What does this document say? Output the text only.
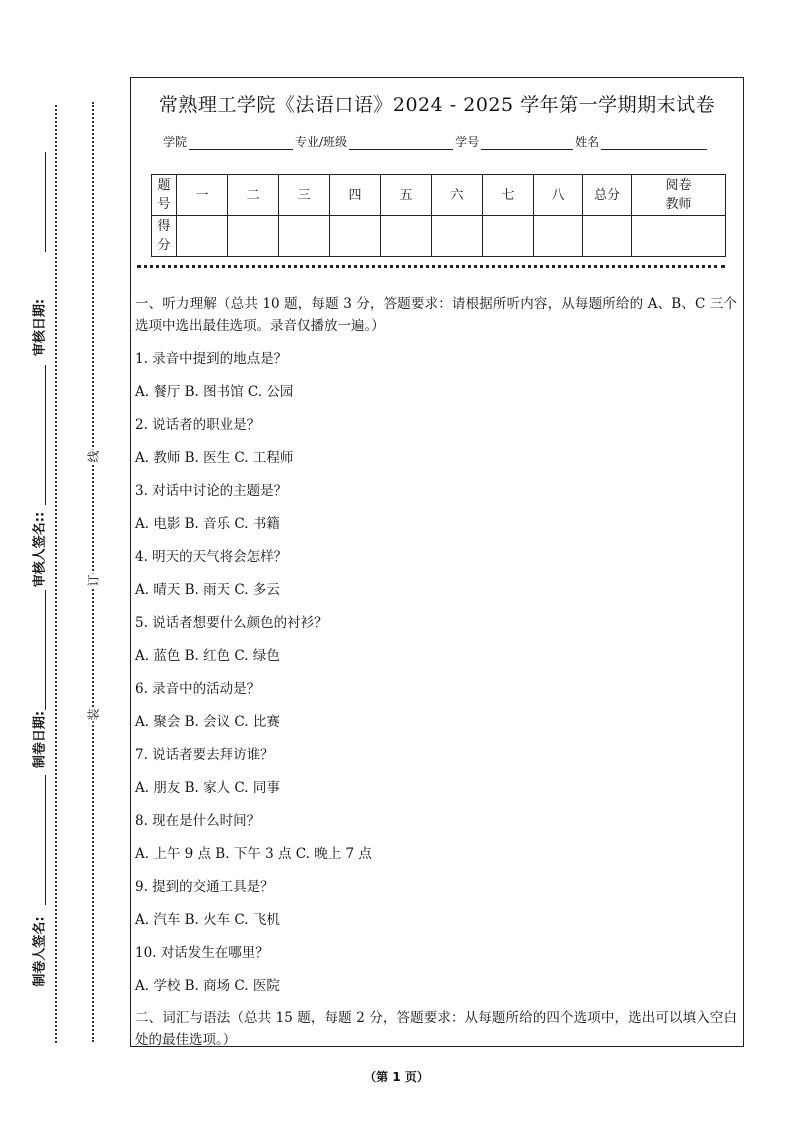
审核日期:
审核人签名::
制卷日期:
制卷人签名:
线
订
装
常熟理工学院《法语口语》2024 - 2025 学年第一学期期末试卷
学院	专业/班级	学号	姓名
题
号	一	二	三	四	五	六	七	八	总分	阅卷
教师
得
分										

一、听力理解（总共 10 题，每题 3 分，答题要求：请根据所听内容，从每题所给的 A、B、C 三个选项中选出最佳选项。录音仅播放一遍。）

1. 录音中提到的地点是？

A. 餐厅 B. 图书馆 C. 公园

2. 说话者的职业是？

A. 教师 B. 医生 C. 工程师

3. 对话中讨论的主题是？

A. 电影 B. 音乐 C. 书籍

4. 明天的天气将会怎样？

A. 晴天 B. 雨天 C. 多云

5. 说话者想要什么颜色的衬衫？

A. 蓝色 B. 红色 C. 绿色

6. 录音中的活动是？

A. 聚会 B. 会议 C. 比赛

7. 说话者要去拜访谁？

A. 朋友 B. 家人 C. 同事

8. 现在是什么时间？

A. 上午 9 点 B. 下午 3 点 C. 晚上 7 点

9. 提到的交通工具是？

A. 汽车 B. 火车 C. 飞机

10. 对话发生在哪里？

A. 学校 B. 商场 C. 医院

二、词汇与语法（总共 15 题，每题 2 分，答题要求：从每题所给的四个选项中，选出可以填入空白处的最佳选项。）

（第 1 页）
